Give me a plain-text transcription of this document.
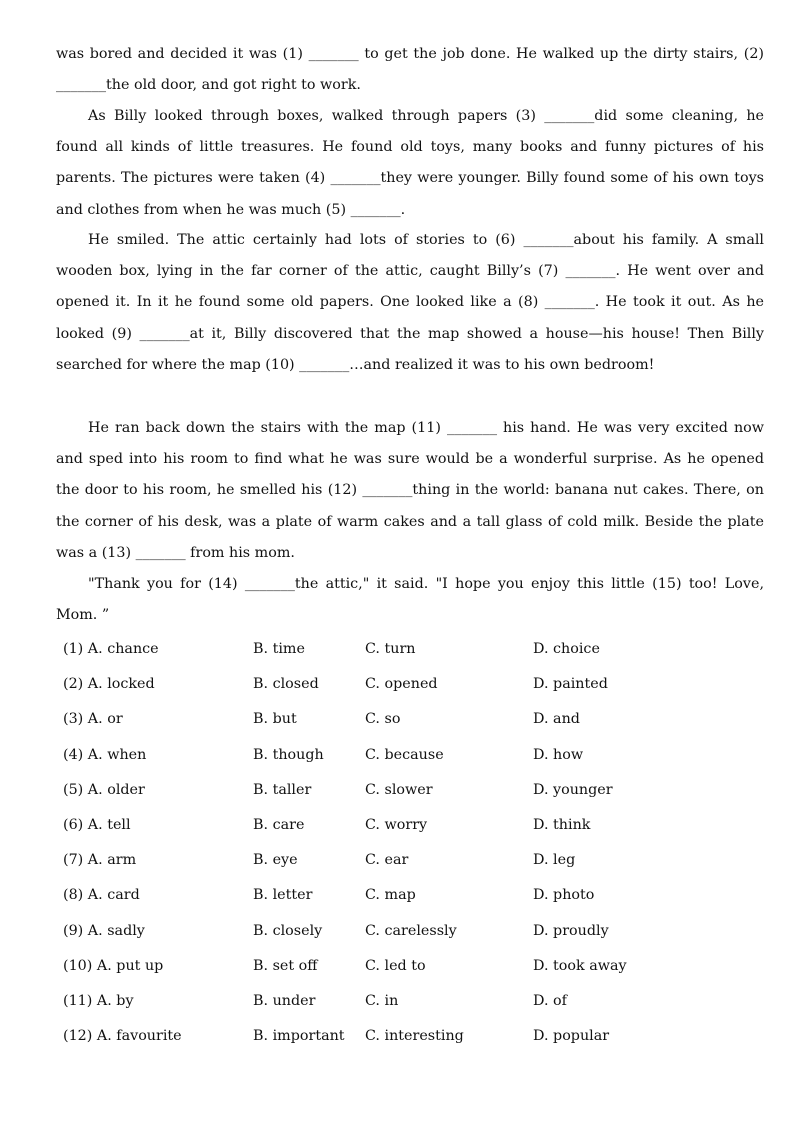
was bored and decided it was (1) _______ to get the job done. He walked up the dirty stairs, (2) _______the old door, and got right to work.

As Billy looked through boxes, walked through papers (3) _______did some cleaning, he found all kinds of little treasures. He found old toys, many books and funny pictures of his parents. The pictures were taken (4) _______they were younger. Billy found some of his own toys and clothes from when he was much (5) _______.

He smiled. The attic certainly had lots of stories to (6) _______about his family. A small wooden box, lying in the far corner of the attic, caught Billy’s (7) _______. He went over and opened it. In it he found some old papers. One looked like a (8) _______. He took it out. As he looked (9) _______at it, Billy discovered that the map showed a house—his house! Then Billy searched for where the map (10) _______…and realized it was to his own bedroom!

He ran back down the stairs with the map (11) _______ his hand. He was very excited now and sped into his room to find what he was sure would be a wonderful surprise. As he opened the door to his room, he smelled his (12) _______thing in the world: banana nut cakes. There, on the corner of his desk, was a plate of warm cakes and a tall glass of cold milk. Beside the plate was a (13) _______ from his mom.

"Thank you for (14) _______the attic," it said. "I hope you enjoy this little (15) too! Love, Mom. ”

(1) A. chance	B. time	C. turn	D. choice
(2) A. locked	B. closed	C. opened	D. painted
(3) A. or	B. but	C. so	D. and
(4) A. when	B. though	C. because	D. how
(5) A. older	B. taller	C. slower	D. younger
(6) A. tell	B. care	C. worry	D. think
(7) A. arm	B. eye	C. ear	D. leg
(8) A. card	B. letter	C. map	D. photo
(9) A. sadly	B. closely	C. carelessly	D. proudly
(10) A. put up	B. set off	C. led to	D. took away
(11) A. by	B. under	C. in	D. of
(12) A. favourite	B. important C. interesting	D. popular
